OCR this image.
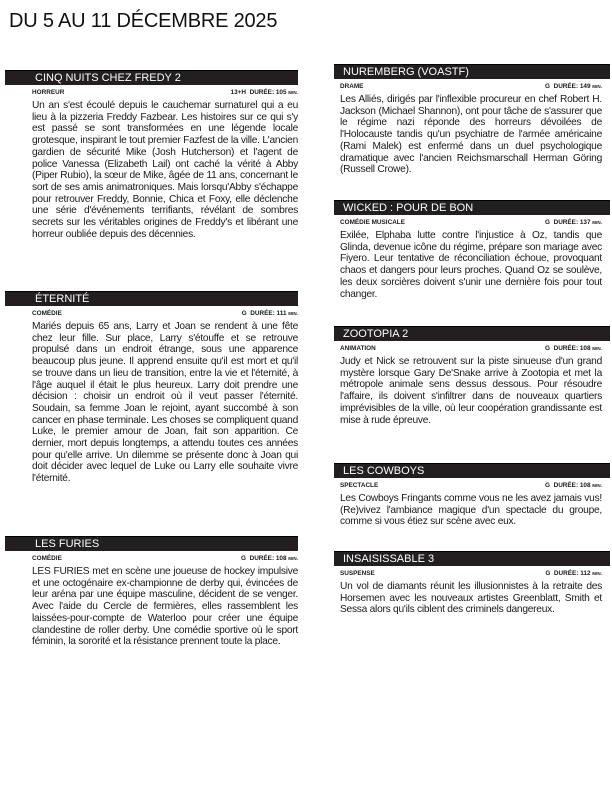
DU 5 AU 11 DÉCEMBRE 2025
CINQ NUITS CHEZ FREDY 2
HORREUR	13+H DURÉE: 105 MIN.

Un an s'est écoulé depuis le cauchemar surnaturel qui a eu lieu à la pizzeria Freddy Fazbear. Les histoires sur ce qui s'y est passé se sont transformées en une légende locale grotesque, inspirant le tout premier Fazfest de la ville. L'ancien gardien de sécurité Mike (Josh Hutcherson) et l'agent de police Vanessa (Elizabeth Lail) ont caché la vérité à Abby (Piper Rubio), la sœur de Mike, âgée de 11 ans, concernant le sort de ses amis animatroniques. Mais lorsqu'Abby s'échappe pour retrouver Freddy, Bonnie, Chica et Foxy, elle déclenche une série d'événements terrifiants, révélant de sombres secrets sur les véritables origines de Freddy's et libérant une horreur oubliée depuis des décennies.

ÉTERNITÉ
COMÉDIE	G DURÉE: 111 MIN.

Mariés depuis 65 ans, Larry et Joan se rendent à une fête chez leur fille. Sur place, Larry s'étouffe et se retrouve propulsé dans un endroit étrange, sous une apparence beaucoup plus jeune. Il apprend ensuite qu'il est mort et qu'il se trouve dans un lieu de transition, entre la vie et l'éternité, à l'âge auquel il était le plus heureux. Larry doit prendre une décision : choisir un endroit où il veut passer l'éternité. Soudain, sa femme Joan le rejoint, ayant succombé à son cancer en phase terminale. Les choses se compliquent quand Luke, le premier amour de Joan, fait son apparition. Ce dernier, mort depuis longtemps, a attendu toutes ces années pour qu'elle arrive. Un dilemme se présente donc à Joan qui doit décider avec lequel de Luke ou Larry elle souhaite vivre l'éternité.

LES FURIES
COMÉDIE	G DURÉE: 108 MIN.

LES FURIES met en scène une joueuse de hockey impulsive et une octogénaire ex-championne de derby qui, évincées de leur aréna par une équipe masculine, décident de se venger. Avec l'aide du Cercle de fermières, elles rassemblent les laissées-pour-compte de Waterloo pour créer une équipe clandestine de roller derby. Une comédie sportive où le sport féminin, la sororité et la résistance prennent toute la place.

NUREMBERG (VOASTF)
DRAME	G DURÉE: 149 MIN.

Les Alliés, dirigés par l'inflexible procureur en chef Robert H. Jackson (Michael Shannon), ont pour tâche de s'assurer que le régime nazi réponde des horreurs dévoilées de l'Holocauste tandis qu'un psychiatre de l'armée américaine (Rami Malek) est enfermé dans un duel psychologique dramatique avec l'ancien Reichsmarschall Herman Göring (Russell Crowe).

WICKED : POUR DE BON
COMÉDIE MUSICALE	G DURÉE: 137 MIN.

Exilée, Elphaba lutte contre l'injustice à Oz, tandis que Glinda, devenue icône du régime, prépare son mariage avec Fiyero. Leur tentative de réconciliation échoue, provoquant chaos et dangers pour leurs proches. Quand Oz se soulève, les deux sorcières doivent s'unir une dernière fois pour tout changer.

ZOOTOPIA 2
ANIMATION	G DURÉE: 108 MIN.

Judy et Nick se retrouvent sur la piste sinueuse d'un grand mystère lorsque Gary De'Snake arrive à Zootopia et met la métropole animale sens dessus dessous. Pour résoudre l'affaire, ils doivent s'infiltrer dans de nouveaux quartiers imprévisibles de la ville, où leur coopération grandissante est mise à rude épreuve.

LES COWBOYS
SPECTACLE	G DURÉE: 108 MIN.

Les Cowboys Fringants comme vous ne les avez jamais vus! (Re)vivez l'ambiance magique d'un spectacle du groupe, comme si vous étiez sur scène avec eux.

INSAISISSABLE 3
SUSPENSE	G DURÉE: 112 MIN.

Un vol de diamants réunit les illusionnistes à la retraite des Horsemen avec les nouveaux artistes Greenblatt, Smith et Sessa alors qu'ils ciblent des criminels dangereux.
